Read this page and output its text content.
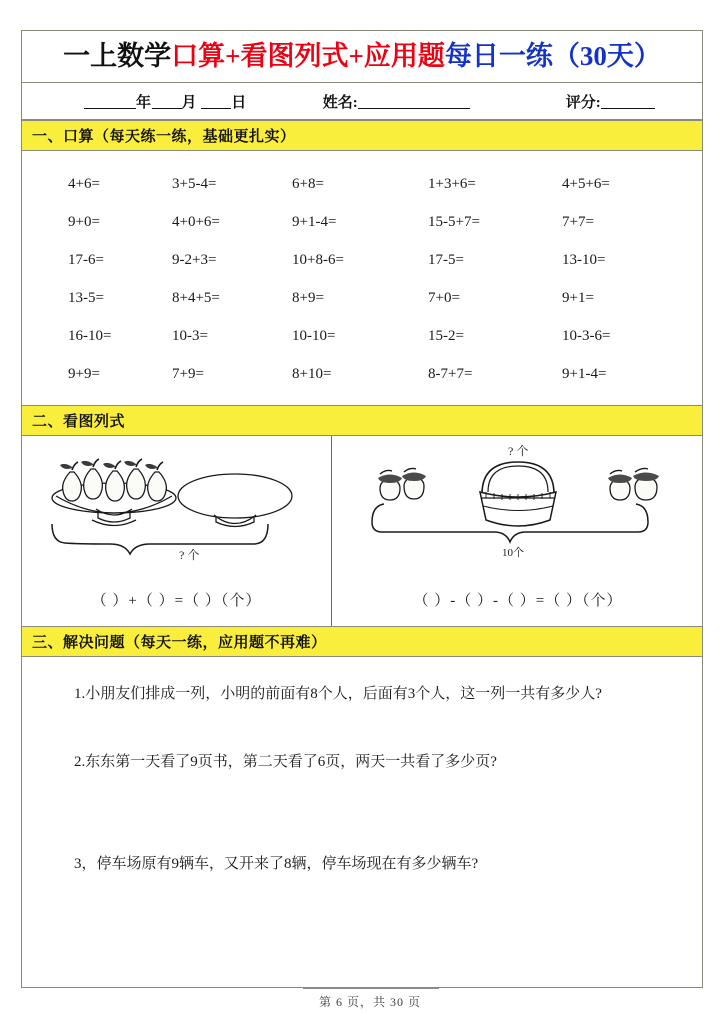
一上数学口算+看图列式+应用题每日一练（30天）
年 月 日	姓名:	评分:
一、口算（每天练一练，基础更扎实）
4+6=	3+5-4=	6+8=	1+3+6=	4+5+6=
9+0=	4+0+6=	9+1-4=	15-5+7=	7+7=
17-6=	9-2+3=	10+8-6=	17-5=	13-10=
13-5=	8+4+5=	8+9=	7+0=	9+1=
16-10=	10-3=	10-10=	15-2=	10-3-6=
9+9=	7+9=	8+10=	8-7+7=	9+1-4=
二、看图列式
? 个
（ ）+（ ）=（ ）（个）
? 个
10个
（ ）-（ ）-（ ）=（ ）（个）
三、解决问题（每天一练，应用题不再难）
1.小朋友们排成一列，小明的前面有8个人，后面有3个人，这一列一共有多少人?
2.东东第一天看了9页书，第二天看了6页，两天一共看了多少页?
3，停车场原有9辆车，又开来了8辆，停车场现在有多少辆车?
第 6 页，共 30 页
